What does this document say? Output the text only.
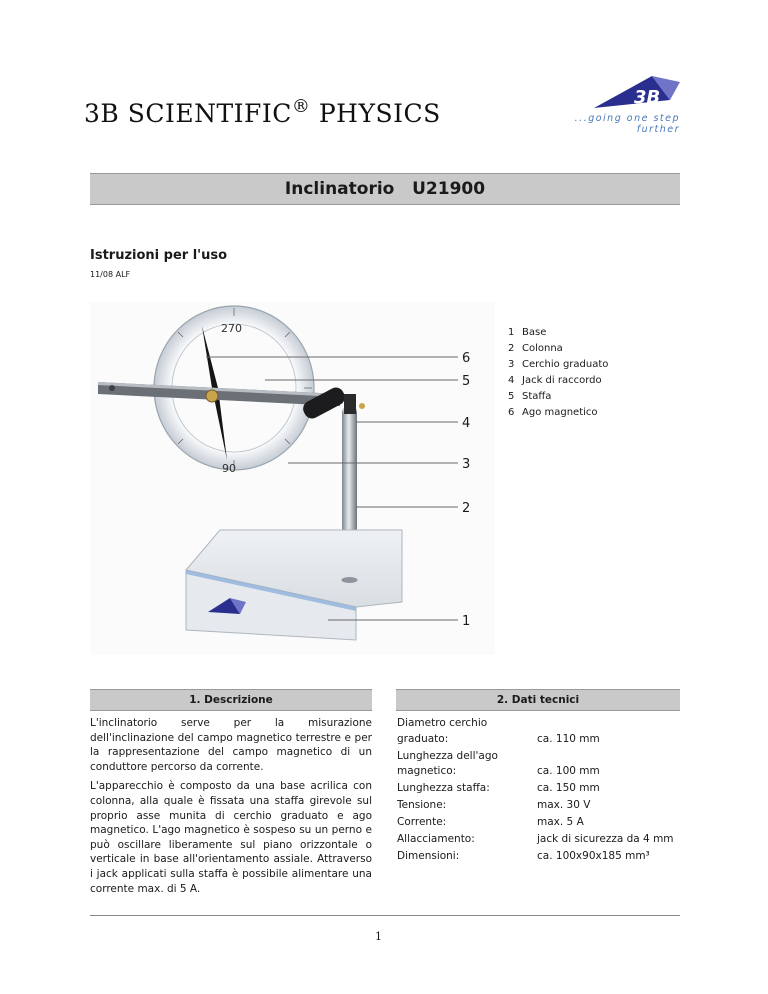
3B SCIENTIFIC® PHYSICS
3B
...going one step further
Inclinatorio   U21900
Istruzioni per l'uso
11/08 ALF
270
90
6
5
4
3
2
1
1 Base
2 Colonna
3 Cerchio graduato
4 Jack di raccordo
5 Staffa
6 Ago magnetico
1. Descrizione

L'inclinatorio serve per la misurazione dell'inclinazione del campo magnetico terrestre e per la rappresentazione del campo magnetico di un conduttore percorso da corrente.

L'apparecchio è composto da una base acrilica con colonna, alla quale è fissata una staffa girevole sul proprio asse munita di cerchio graduato e ago magnetico. L'ago magnetico è sospeso su un perno e può oscillare liberamente sul piano orizzontale o verticale in base all'orientamento assiale. Attraverso i jack applicati sulla staffa è possibile alimentare una corrente max. di 5 A.

2. Dati tecnici
Diametro cerchio graduato:	ca. 110 mm
Lunghezza dell'ago magnetico:	ca. 100 mm
Lunghezza staffa:	ca. 150 mm
Tensione:	max. 30 V
Corrente:	max. 5 A
Allacciamento:	jack di sicurezza da 4 mm
Dimensioni:	ca. 100x90x185 mm³
1
